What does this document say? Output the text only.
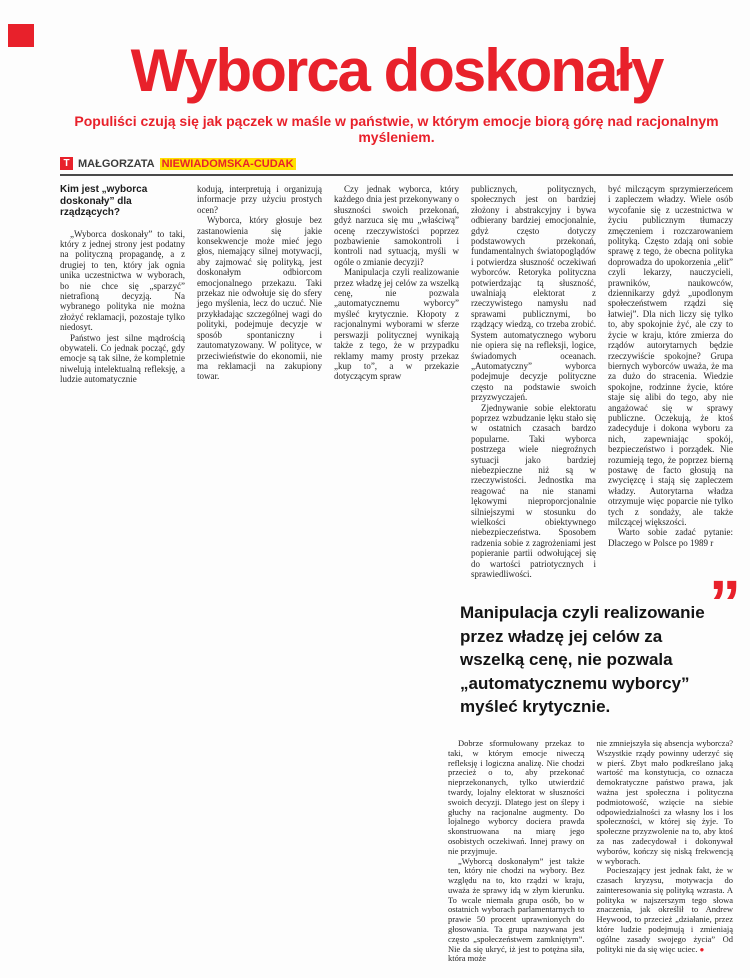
Wyborca doskonały
Populiści czują się jak pączek w maśle w państwie, w którym emocje biorą górę nad racjonalnym myśleniem.
T MAŁGORZATA NIEWIADOMSKA-CUDAK
Kim jest „wyborca doskonały” dla rządzących?

„Wyborca doskonały” to taki, który z jednej strony jest podatny na polityczną propagandę, a z drugiej to ten, który jak ognia unika uczestnictwa w wyborach, bo nie chce się „sparzyć” nietrafioną decyzją. Na wybranego polityka nie można złożyć reklamacji, pozostaje tylko niedosyt.

Państwo jest silne mądrością obywateli. Co jednak począć, gdy emocje są tak silne, że kompletnie niwelują intelektualną refleksję, a ludzie automatycznie

kodują, interpretują i organizują informacje przy użyciu prostych ocen?

Wyborca, który głosuje bez zastanowienia się jakie konsekwencje może mieć jego głos, niemający silnej motywacji, aby zajmować się polityką, jest doskonałym odbiorcom emocjonalnego przekazu. Taki przekaz nie odwołuje się do sfery jego myślenia, lecz do uczuć. Nie przykładając szczególnej wagi do polityki, podejmuje decyzje w sposób spontaniczny i zautomatyzowany. W polityce, w przeciwieństwie do ekonomii, nie ma reklamacji na zakupiony towar.

Czy jednak wyborca, który każdego dnia jest przekonywany o słuszności swoich przekonań, gdyż narzuca się mu „właściwą” ocenę rzeczywistości poprzez pozbawienie samokontroli i kontroli nad sytuacją, myśli w ogóle o zmianie decyzji?

Manipulacja czyli realizowanie przez władzę jej celów za wszelką cenę, nie pozwala „automatycznemu wyborcy” myśleć krytycznie. Kłopoty z racjonalnymi wyborami w sferze perswazji politycznej wynikają także z tego, że w przypadku reklamy mamy prosty przekaz „kup to”, a w przekazie dotyczącym spraw

publicznych, politycznych, społecznych jest on bardziej złożony i abstrakcyjny i bywa odbierany bardziej emocjonalnie, gdyż często dotyczy podstawowych przekonań, fundamentalnych światopoglądów i potwierdza słuszność oczekiwań wyborców. Retoryka polityczna potwierdzając tą słuszność, uwalniają elektorat z rzeczywistego namysłu nad sprawami publicznymi, bo rządzący wiedzą, co trzeba zrobić. System automatycznego wyboru nie opiera się na refleksji, logice, świadomych oceanach. „Automatyczny” wyborca podejmuje decyzje polityczne często na podstawie swoich przyzwyczajeń.

Zjednywanie sobie elektoratu poprzez wzbudzanie lęku stało się w ostatnich czasach bardzo popularne. Taki wyborca postrzega wiele niegroźnych sytuacji jako bardziej niebezpieczne niż są w rzeczywistości. Jednostka ma reagować na nie stanami lękowymi nieproporcjonalnie silniejszymi w stosunku do wielkości obiektywnego niebezpieczeństwa. Sposobem radzenia sobie z zagrożeniami jest popieranie partii odwołującej się do wartości patriotycznych i sprawiedliwości.

być milczącym sprzymierzeńcem i zapleczem władzy. Wiele osób wycofanie się z uczestnictwa w życiu publicznym tłumaczy zmęczeniem i rozczarowaniem polityką. Często zdają oni sobie sprawę z tego, że obecna polityka doprowadza do upokorzenia „elit” czyli lekarzy, nauczycieli, prawników, naukowców, dziennikarzy gdyż „upodlonym społeczeństwem rządzi się łatwiej”. Dla nich liczy się tylko to, aby spokojnie żyć, ale czy to życie w kraju, które zmierza do rządów autorytarnych będzie rzeczywiście spokojne? Grupa biernych wyborców uważa, że ma za dużo do stracenia. Wiedzie spokojne, rodzinne życie, które staje się alibi do tego, aby nie angażować się w sprawy publiczne. Oczekują, że ktoś zadecyduje i dokona wyboru za nich, zapewniając spokój, bezpieczeństwo i porządek. Nie rozumieją tego, że poprzez bierną postawę de facto głosują na zwycięzcę i stają się zapleczem władzy. Autorytarna władza otrzymuje więc poparcie nie tylko tych z sondaży, ale także milczącej większości.

Warto sobie zadać pytanie: Dlaczego w Polsce po 1989 r

”
Manipulacja czyli realizowanie przez władzę jej celów za wszelką cenę, nie pozwala „automatycznemu wyborcy” myśleć krytycznie.

Dobrze sformułowany przekaz to taki, w którym emocje niweczą refleksję i logiczna analizę. Nie chodzi przecież o to, aby przekonać nieprzekonanych, tylko utwierdzić twardy, lojalny elektorat w słuszności swoich decyzji. Dlatego jest on ślepy i głuchy na racjonalne augmenty. Do lojalnego wyborcy dociera prawda skonstruowana na miarę jego osobistych oczekiwań. Innej prawy on nie przyjmuje.

„Wyborcą doskonałym” jest także ten, który nie chodzi na wybory. Bez względu na to, kto rządzi w kraju, uważa że sprawy idą w złym kierunku. To wcale niemała grupa osób, bo w ostatnich wyborach parlamentarnych to prawie 50 procent uprawnionych do głosowania. Ta grupa nazywana jest często „społeczeństwem zamkniętym”. Nie da się ukryć, iż jest to potężna siła, która może

nie zmniejszyła się absencja wyborcza? Wszystkie rządy powinny uderzyć się w pierś. Zbyt mało podkreślano jaką wartość ma konstytucja, co oznacza demokratyczne państwo prawa, jak ważna jest społeczna i polityczna podmiotowość, wzięcie na siebie odpowiedzialności za własny los i los społeczności, w której się żyje. To społeczne przyzwolenie na to, aby ktoś za nas zadecydował i dokonywał wyborów, kończy się niską frekwencją w wyborach.

Pocieszający jest jednak fakt, że w czasach kryzysu, motywacja do zainteresowania się polityką wzrasta. A polityka w najszerszym tego słowa znaczenia, jak określił to Andrew Heywood, to przecież „działanie, przez które ludzie podejmują i zmieniają ogólne zasady swojego życia” Od polityki nie da się więc uciec. ●
